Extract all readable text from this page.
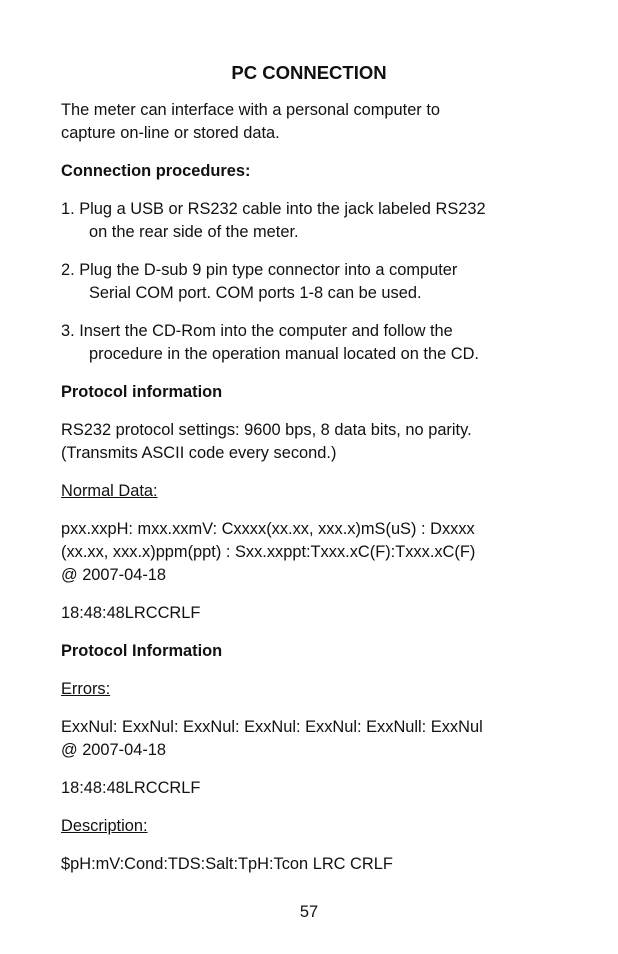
PC CONNECTION

The meter can interface with a personal computer to
capture on-line or stored data.

Connection procedures:

1. Plug a USB or RS232 cable into the jack labeled RS232
on the rear side of the meter.
2. Plug the D-sub 9 pin type connector into a computer
Serial COM port. COM ports 1-8 can be used.
3. Insert the CD-Rom into the computer and follow the
procedure in the operation manual located on the CD.

Protocol information

RS232 protocol settings: 9600 bps, 8 data bits, no parity.
(Transmits ASCII code every second.)

Normal Data:

pxx.xxpH: mxx.xxmV: Cxxxx(xx.xx, xxx.x)mS(uS) : Dxxxx
(xx.xx, xxx.x)ppm(ppt) : Sxx.xxppt:Txxx.xC(F):Txxx.xC(F)
@ 2007-04-18

18:48:48LRCCRLF

Protocol Information

Errors:

ExxNul: ExxNul: ExxNul: ExxNul: ExxNul: ExxNull: ExxNul
@ 2007-04-18

18:48:48LRCCRLF

Description:

$pH:mV:Cond:TDS:Salt:TpH:Tcon LRC CRLF

57
